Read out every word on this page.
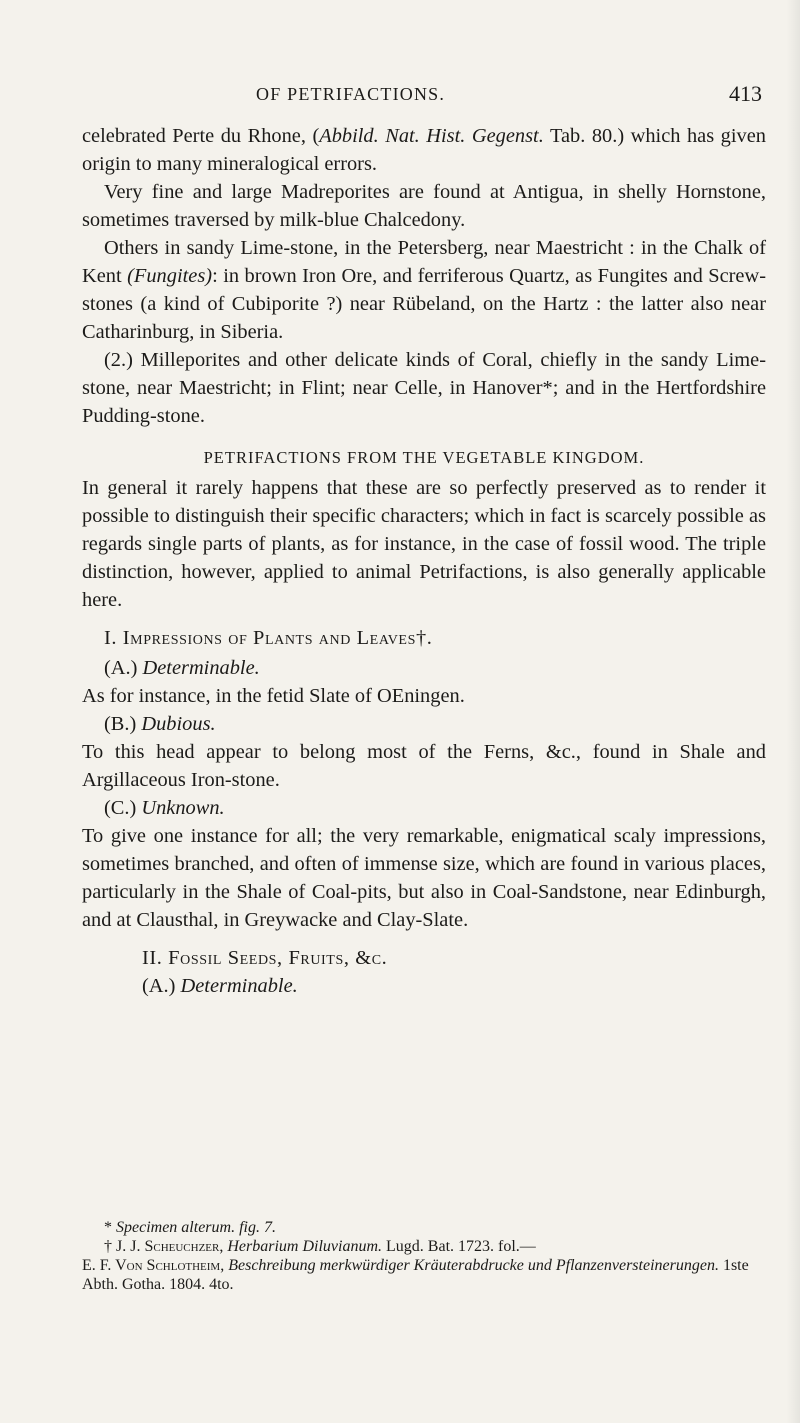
OF PETRIFACTIONS.	413

celebrated Perte du Rhone, (Abbild. Nat. Hist. Gegenst. Tab. 80.) which has given origin to many mineralogical errors.

Very fine and large Madreporites are found at Antigua, in shelly Hornstone, sometimes traversed by milk-blue Chalcedony.

Others in sandy Lime-stone, in the Petersberg, near Maestricht : in the Chalk of Kent (Fungites): in brown Iron Ore, and ferriferous Quartz, as Fungites and Screw-stones (a kind of Cubiporite ?) near Rübeland, on the Hartz : the latter also near Catharinburg, in Siberia.

(2.) Milleporites and other delicate kinds of Coral, chiefly in the sandy Lime-stone, near Maestricht; in Flint; near Celle, in Hanover*; and in the Hertfordshire Pudding-stone.

PETRIFACTIONS FROM THE VEGETABLE KINGDOM.

In general it rarely happens that these are so perfectly preserved as to render it possible to distinguish their specific characters; which in fact is scarcely possible as regards single parts of plants, as for instance, in the case of fossil wood. The triple distinction, however, applied to animal Petrifactions, is also generally applicable here.

I. Impressions of Plants and Leaves†.

(A.) Determinable.

As for instance, in the fetid Slate of OEningen.

(B.) Dubious.

To this head appear to belong most of the Ferns, &c., found in Shale and Argillaceous Iron-stone.

(C.) Unknown.

To give one instance for all; the very remarkable, enigmatical scaly impressions, sometimes branched, and often of immense size, which are found in various places, particularly in the Shale of Coal-pits, but also in Coal-Sandstone, near Edinburgh, and at Clausthal, in Greywacke and Clay-Slate.

II. Fossil Seeds, Fruits, &c.

(A.) Determinable.

* Specimen alterum. fig. 7.

† J. J. Scheuchzer, Herbarium Diluvianum. Lugd. Bat. 1723. fol.—

E. F. Von Schlotheim, Beschreibung merkwürdiger Kräuterabdrucke und Pflanzenversteinerungen. 1ste Abth. Gotha. 1804. 4to.
